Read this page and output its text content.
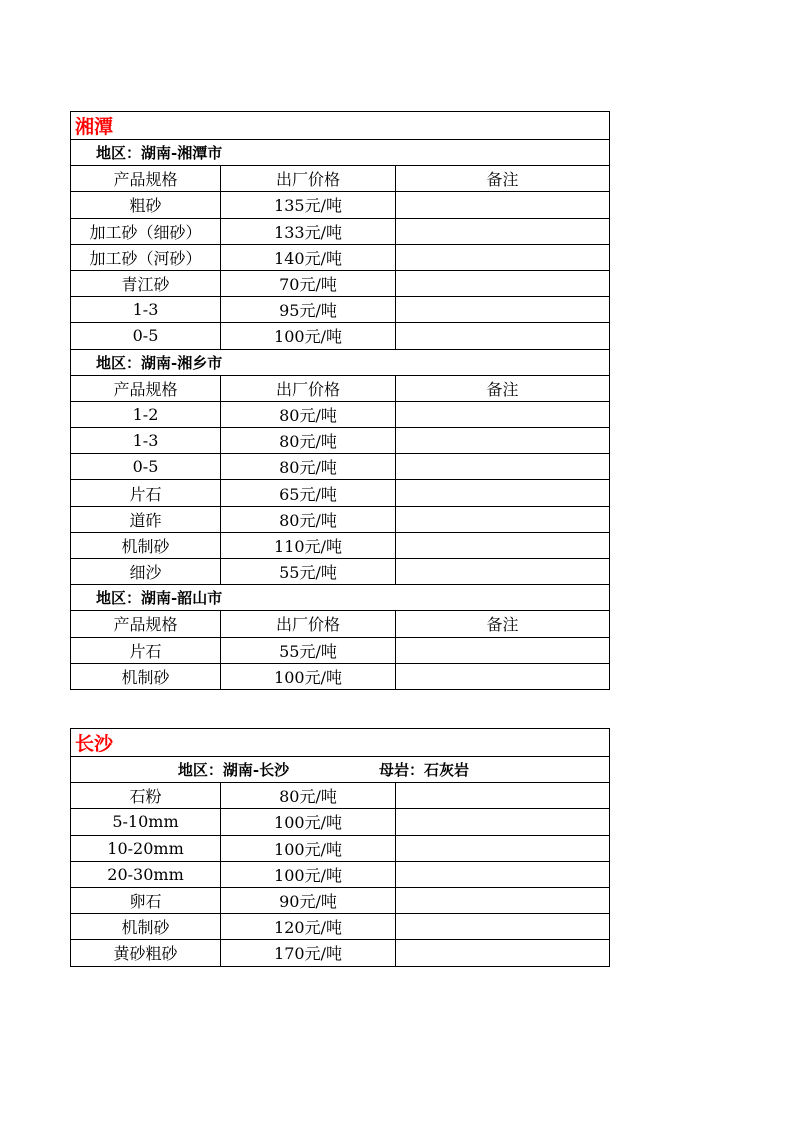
湘潭		
地区：湖南-湘潭市		
产品规格	出厂价格	备注
粗砂	135元/吨	
加工砂（细砂）	133元/吨	
加工砂（河砂）	140元/吨	
青江砂	70元/吨	
1-3	95元/吨	
0-5	100元/吨	
地区：湖南-湘乡市		
产品规格	出厂价格	备注
1-2	80元/吨	
1-3	80元/吨	
0-5	80元/吨	
片石	65元/吨	
道砟	80元/吨	
机制砂	110元/吨	
细沙	55元/吨	
地区：湖南-韶山市		
产品规格	出厂价格	备注
片石	55元/吨	
机制砂	100元/吨	
长沙		

地区：湖南-长沙 母岩：石灰岩		

石粉	80元/吨	
5-10mm	100元/吨	
10-20mm	100元/吨	
20-30mm	100元/吨	
卵石	90元/吨	
机制砂	120元/吨	
黄砂粗砂	170元/吨	
